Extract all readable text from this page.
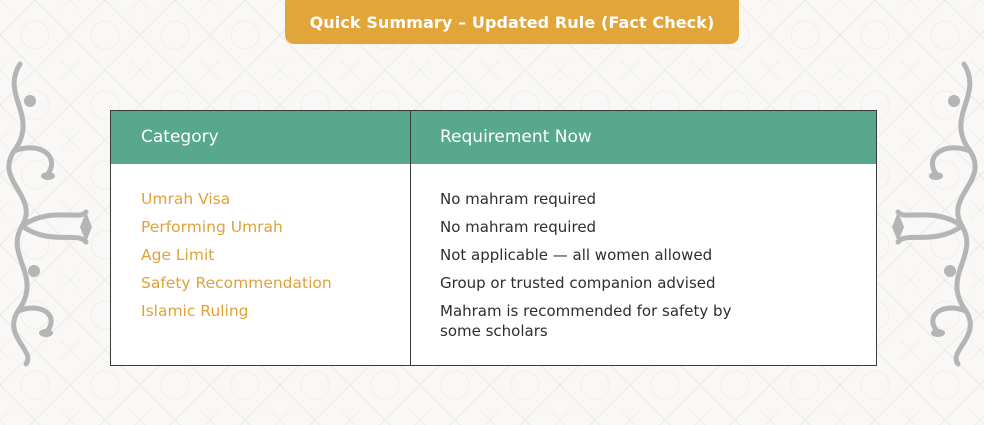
Quick Summary – Updated Rule (Fact Check)
Category	Requirement Now
Umrah Visa
Performing Umrah
Age Limit
Safety Recommendation
Islamic Ruling
No mahram required
No mahram required
Not applicable — all women allowed
Group or trusted companion advised
Mahram is recommended for safety by some scholars
